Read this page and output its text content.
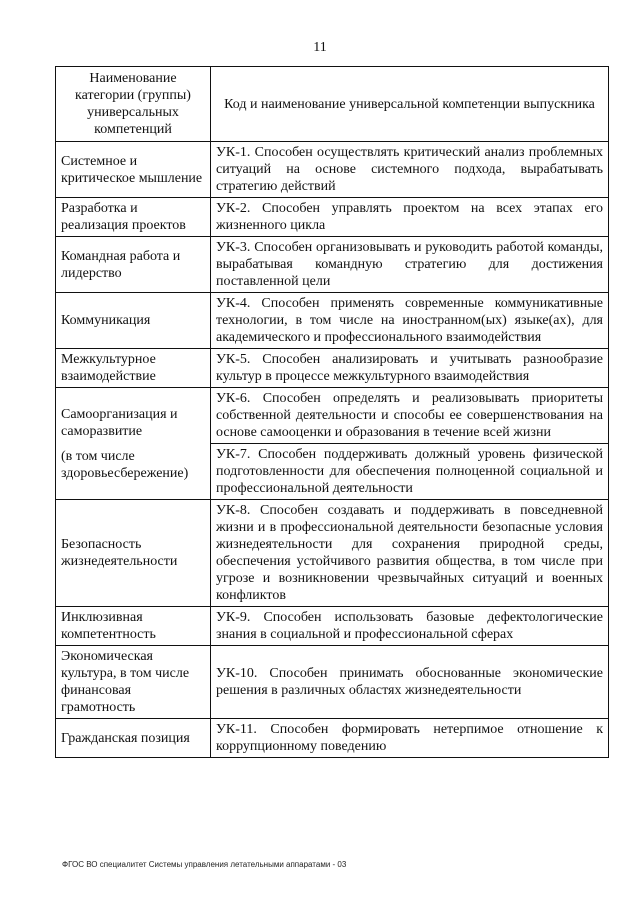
11
Наименование категории (группы) универсальных компетенций	Код и наименование универсальной компетенции выпускника
Системное и критическое мышление	УК-1. Способен осуществлять критический анализ проблемных ситуаций на основе системного подхода, вырабатывать стратегию действий
Разработка и реализация проектов	УК-2. Способен управлять проектом на всех этапах его жизненного цикла
Командная работа и лидерство	УК-3. Способен организовывать и руководить работой команды, вырабатывая командную стратегию для достижения поставленной цели
Коммуникация	УК-4. Способен применять современные коммуникативные технологии, в том числе на иностранном(ых) языке(ах), для академического и профессионального взаимодействия
Межкультурное взаимодействие	УК-5. Способен анализировать и учитывать разнообразие культур в процессе межкультурного взаимодействия
Самоорганизация и саморазвитие
(в том числе здоровьесбережение)	УК-6. Способен определять и реализовывать приоритеты собственной деятельности и способы ее совершенствования на основе самооценки и образования в течение всей жизни
	УК-7. Способен поддерживать должный уровень физической подготовленности для обеспечения полноценной социальной и профессиональной деятельности
Безопасность жизнедеятельности	УК-8. Способен создавать и поддерживать в повседневной жизни и в профессиональной деятельности безопасные условия жизнедеятельности для сохранения природной среды, обеспечения устойчивого развития общества, в том числе при угрозе и возникновении чрезвычайных ситуаций и военных конфликтов
Инклюзивная компетентность	УК-9. Способен использовать базовые дефектологические знания в социальной и профессиональной сферах
Экономическая культура, в том числе финансовая грамотность	УК-10. Способен принимать обоснованные экономические решения в различных областях жизнедеятельности
Гражданская позиция	УК-11. Способен формировать нетерпимое отношение к коррупционному поведению
ФГОС ВО специалитет Системы управления летательными аппаратами - 03
